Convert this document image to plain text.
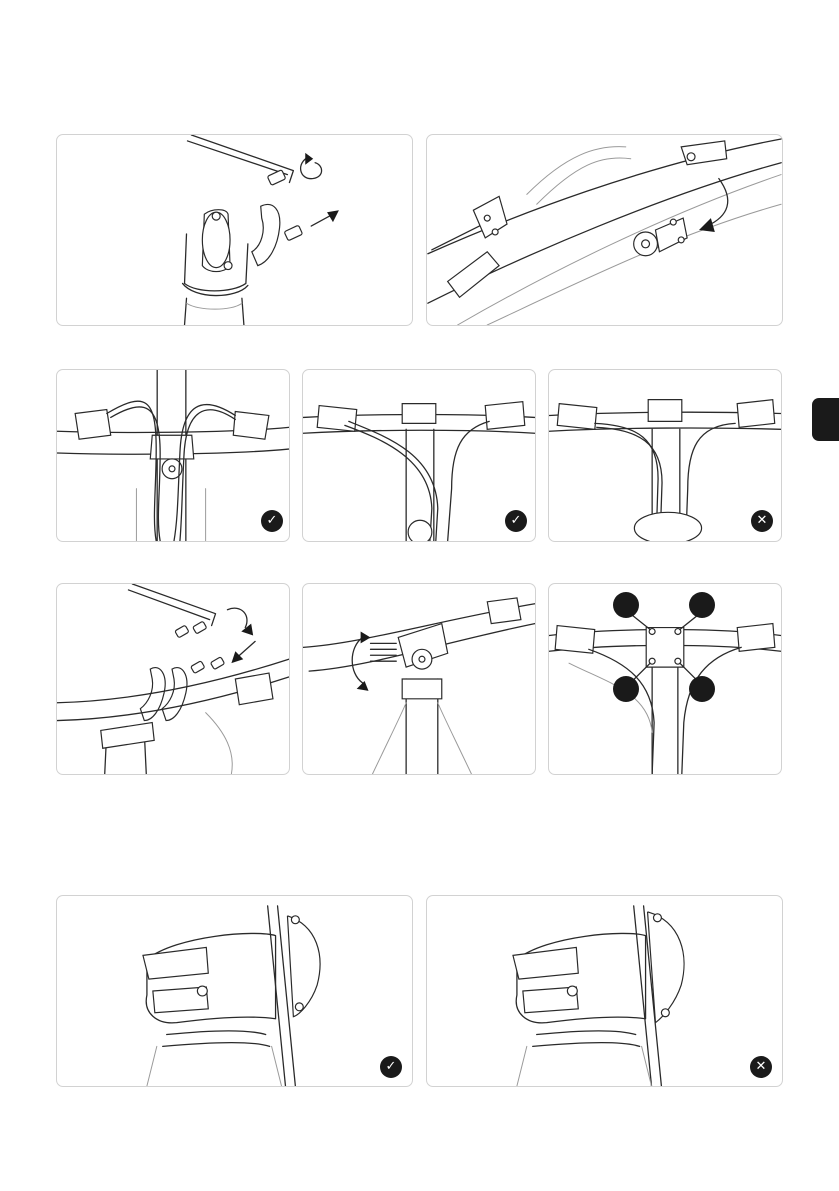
✓	✓	✕
✓	✕
